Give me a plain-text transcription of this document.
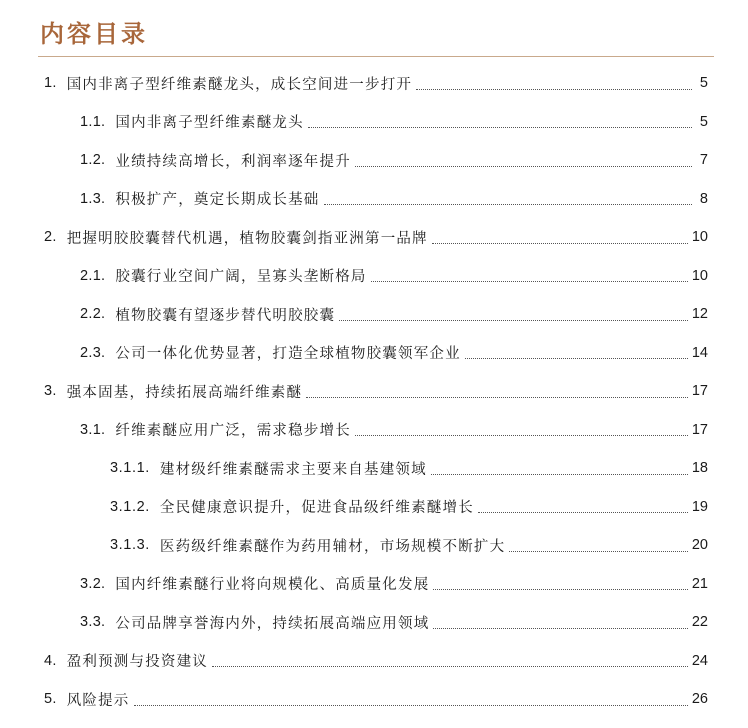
内容目录
1. 国内非离子型纤维素醚龙头，成长空间进一步打开	5
1.1. 国内非离子型纤维素醚龙头	5
1.2. 业绩持续高增长，利润率逐年提升	7
1.3. 积极扩产，奠定长期成长基础	8
2. 把握明胶胶囊替代机遇，植物胶囊剑指亚洲第一品牌	10
2.1. 胶囊行业空间广阔，呈寡头垄断格局	10
2.2. 植物胶囊有望逐步替代明胶胶囊	12
2.3. 公司一体化优势显著，打造全球植物胶囊领军企业	14
3. 强本固基，持续拓展高端纤维素醚	17
3.1. 纤维素醚应用广泛，需求稳步增长	17
3.1.1. 建材级纤维素醚需求主要来自基建领域	18
3.1.2. 全民健康意识提升，促进食品级纤维素醚增长	19
3.1.3. 医药级纤维素醚作为药用辅材，市场规模不断扩大	20
3.2. 国内纤维素醚行业将向规模化、高质量化发展	21
3.3. 公司品牌享誉海内外，持续拓展高端应用领域	22
4. 盈利预测与投资建议	24
5. 风险提示	26
